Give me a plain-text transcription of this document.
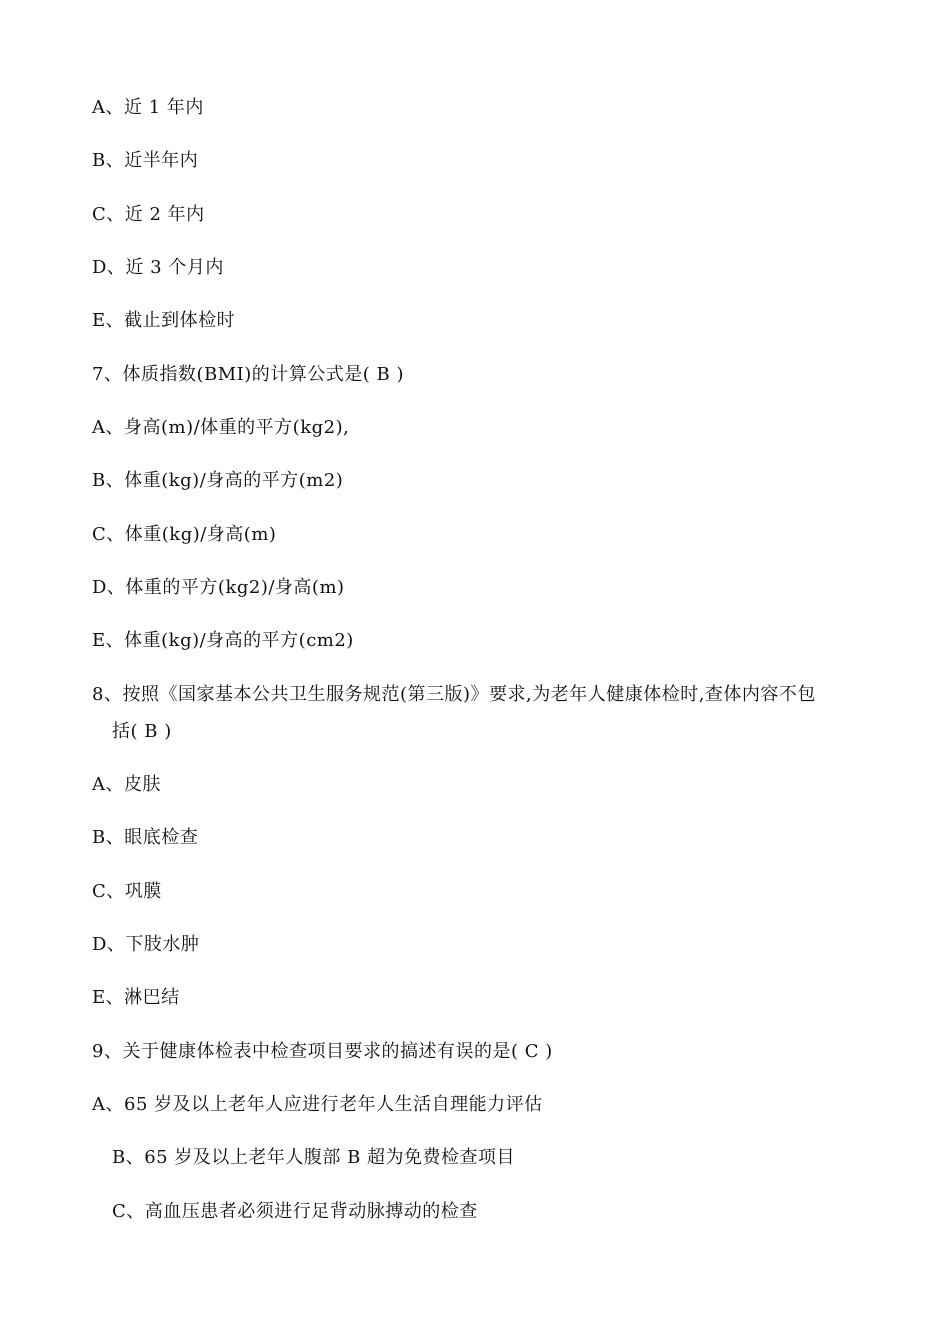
A、近 1 年内
B、近半年内
C、近 2 年内
D、近 3 个月内
E、截止到体检时
7、体质指数(BMI)的计算公式是( B )
A、身高(m)/体重的平方(kg2),
B、体重(kg)/身高的平方(m2)
C、体重(kg)/身高(m)
D、体重的平方(kg2)/身高(m)
E、体重(kg)/身高的平方(cm2)
8、按照《国家基本公共卫生服务规范(第三版)》要求,为老年人健康体检时,查体内容不包
括( B )
A、皮肤
B、眼底检查
C、巩膜
D、下肢水肿
E、淋巴结
9、关于健康体检表中检查项目要求的搞述有误的是( C )
A、65 岁及以上老年人应进行老年人生活自理能力评估
B、65 岁及以上老年人腹部 B 超为免费检查项目
C、高血压患者必须进行足背动脉搏动的检查
